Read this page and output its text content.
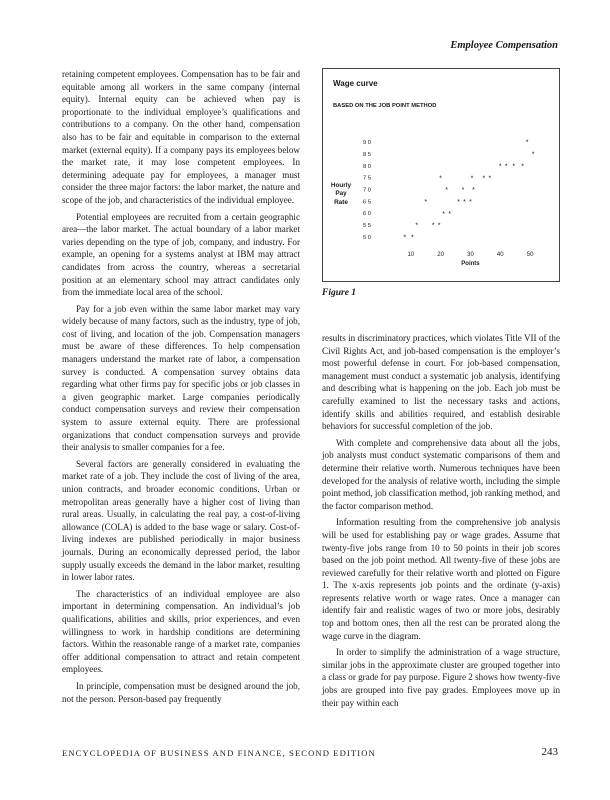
Employee Compensation

retaining competent employees. Compensation has to be fair and equitable among all workers in the same company (internal equity). Internal equity can be achieved when pay is proportionate to the individual employee’s qualifications and contributions to a company. On the other hand, compensation also has to be fair and equitable in comparison to the external market (external equity). If a company pays its employees below the market rate, it may lose competent employees. In determining adequate pay for employees, a manager must consider the three major factors: the labor market, the nature and scope of the job, and characteristics of the individual employee.

Potential employees are recruited from a certain geographic area—the labor market. The actual boundary of a labor market varies depending on the type of job, company, and industry. For example, an opening for a systems analyst at IBM may attract candidates from across the country, whereas a secretarial position at an elementary school may attract candidates only from the immediate local area of the school.

Pay for a job even within the same labor market may vary widely because of many factors, such as the industry, type of job, cost of living, and location of the job. Compensation managers must be aware of these differences. To help compensation managers understand the market rate of labor, a compensation survey is conducted. A compensation survey obtains data regarding what other firms pay for specific jobs or job classes in a given geographic market. Large companies periodically conduct compensation surveys and review their compensation system to assure external equity. There are professional organizations that conduct compensation surveys and provide their analysis to smaller companies for a fee.

Several factors are generally considered in evaluating the market rate of a job. They include the cost of living of the area, union contracts, and broader economic conditions. Urban or metropolitan areas generally have a higher cost of living than rural areas. Usually, in calculating the real pay, a cost-of-living allowance (COLA) is added to the base wage or salary. Cost-of-living indexes are published periodically in major business journals. During an economically depressed period, the labor supply usually exceeds the demand in the labor market, resulting in lower labor rates.

The characteristics of an individual employee are also important in determining compensation. An individual’s job qualifications, abilities and skills, prior experiences, and even willingness to work in hardship conditions are determining factors. Within the reasonable range of a market rate, companies offer additional compensation to attract and retain competent employees.

In principle, compensation must be designed around the job, not the person. Person-based pay frequently

Wage curve
BASED ON THE JOB POINT METHOD
Hourly
Pay
Rate
50
55
60
65
70
75
80
85
90
10	20	30	40	50
Points
* *
* * *
* *
*	* * *
* * *
*	* * *
* * * *
*
*
Figure 1

results in discriminatory practices, which violates Title VII of the Civil Rights Act, and job-based compensation is the employer’s most powerful defense in court. For job-based compensation, management must conduct a systematic job analysis, identifying and describing what is happening on the job. Each job must be carefully examined to list the necessary tasks and actions, identify skills and abilities required, and establish desirable behaviors for successful completion of the job.

With complete and comprehensive data about all the jobs, job analysts must conduct systematic comparisons of them and determine their relative worth. Numerous techniques have been developed for the analysis of relative worth, including the simple point method, job classification method, job ranking method, and the factor comparison method.

Information resulting from the comprehensive job analysis will be used for establishing pay or wage grades. Assume that twenty-five jobs range from 10 to 50 points in their job scores based on the job point method. All twenty-five of these jobs are reviewed carefully for their relative worth and plotted on Figure 1. The x-axis represents job points and the ordinate (y-axis) represents relative worth or wage rates. Once a manager can identify fair and realistic wages of two or more jobs, desirably top and bottom ones, then all the rest can be prorated along the wage curve in the diagram.

In order to simplify the administration of a wage structure, similar jobs in the approximate cluster are grouped together into a class or grade for pay purpose. Figure 2 shows how twenty-five jobs are grouped into five pay grades. Employees move up in their pay within each

ENCYCLOPEDIA OF BUSINESS AND FINANCE, SECOND EDITION	243
